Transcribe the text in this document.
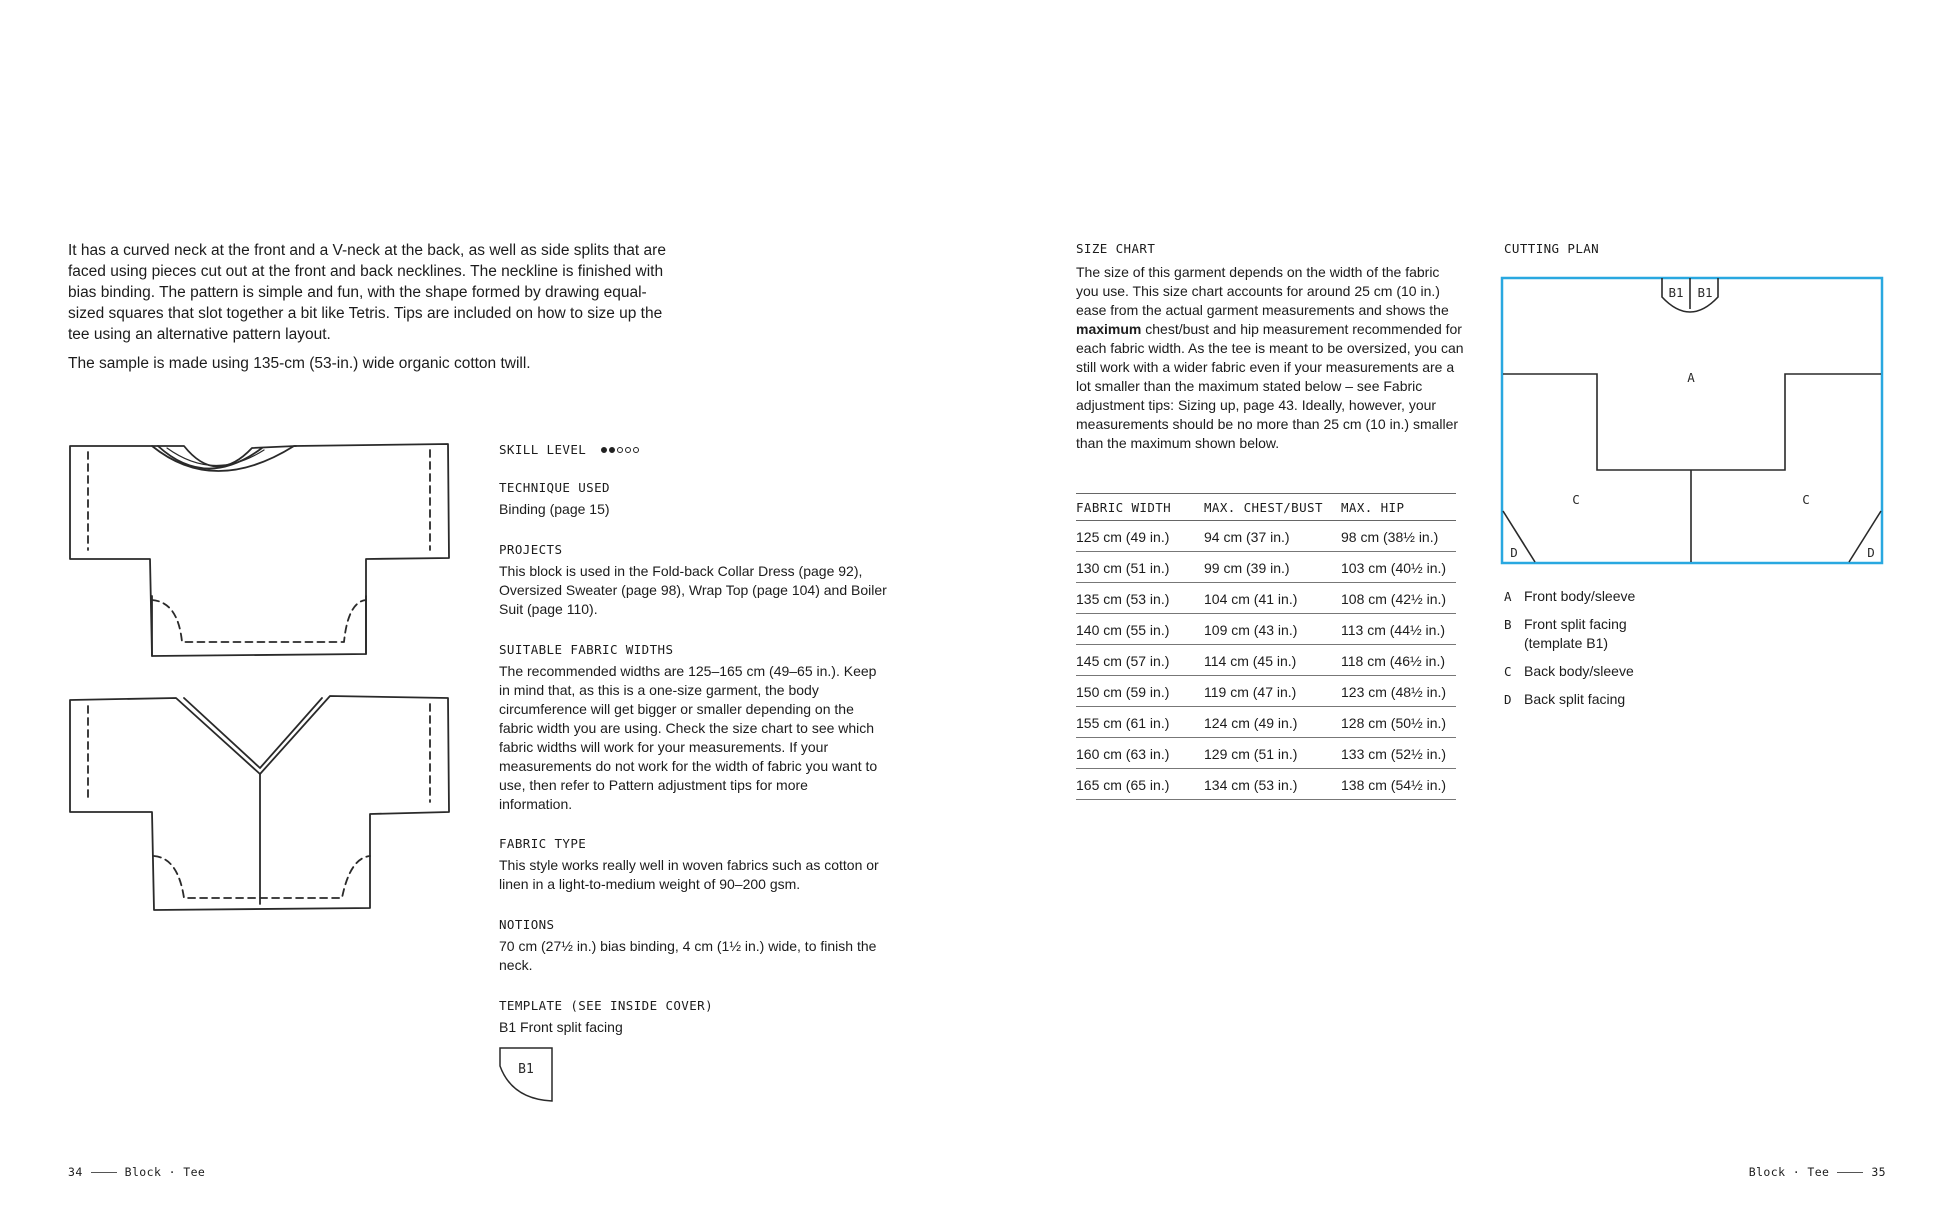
It has a curved neck at the front and a V-neck at the back, as well as side splits that are faced using pieces cut out at the front and back necklines. The neckline is finished with bias binding. The pattern is simple and fun, with the shape formed by drawing equal-sized squares that slot together a bit like Tetris. Tips are included on how to size up the tee using an alternative pattern layout.

The sample is made using 135-cm (53-in.) wide organic cotton twill.

SKILL LEVEL
TECHNIQUE USED
Binding (page 15)
PROJECTS
This block is used in the Fold-back Collar Dress (page 92), Oversized Sweater (page 98), Wrap Top (page 104) and Boiler Suit (page 110).
SUITABLE FABRIC WIDTHS
The recommended widths are 125–165 cm (49–65 in.). Keep in mind that, as this is a one-size garment, the body circumference will get bigger or smaller depending on the fabric width you are using. Check the size chart to see which fabric widths will work for your measurements. If your measurements do not work for the width of fabric you want to use, then refer to Pattern adjustment tips for more information.
FABRIC TYPE
This style works really well in woven fabrics such as cotton or linen in a light-to-medium weight of 90–200 gsm.
NOTIONS
70 cm (27½ in.) bias binding, 4 cm (1½ in.) wide, to finish the neck.
TEMPLATE (SEE INSIDE COVER)
B1 Front split facing
B1
SIZE CHART
The size of this garment depends on the width of the fabric you use. This size chart accounts for around 25 cm (10 in.) ease from the actual garment measurements and shows the maximum chest/bust and hip measurement recommended for each fabric width. As the tee is meant to be oversized, you can still work with a wider fabric even if your measurements are a lot smaller than the maximum stated below – see Fabric adjustment tips: Sizing up, page 43. Ideally, however, your measurements should be no more than 25 cm (10 in.) smaller than the maximum shown below.
FABRIC WIDTH	MAX. CHEST/BUST	MAX. HIP
125 cm (49 in.)	94 cm (37 in.)	98 cm (38½ in.)
130 cm (51 in.)	99 cm (39 in.)	103 cm (40½ in.)
135 cm (53 in.)	104 cm (41 in.)	108 cm (42½ in.)
140 cm (55 in.)	109 cm (43 in.)	113 cm (44½ in.)
145 cm (57 in.)	114 cm (45 in.)	118 cm (46½ in.)
150 cm (59 in.)	119 cm (47 in.)	123 cm (48½ in.)
155 cm (61 in.)	124 cm (49 in.)	128 cm (50½ in.)
160 cm (63 in.)	129 cm (51 in.)	133 cm (52½ in.)
165 cm (65 in.)	134 cm (53 in.)	138 cm (54½ in.)
CUTTING PLAN
B1 B1
A
C	C
D	D
A Front body/sleeve
B Front split facing (template B1)
C Back body/sleeve
D Back split facing
34	Block · Tee	Block · Tee	35
